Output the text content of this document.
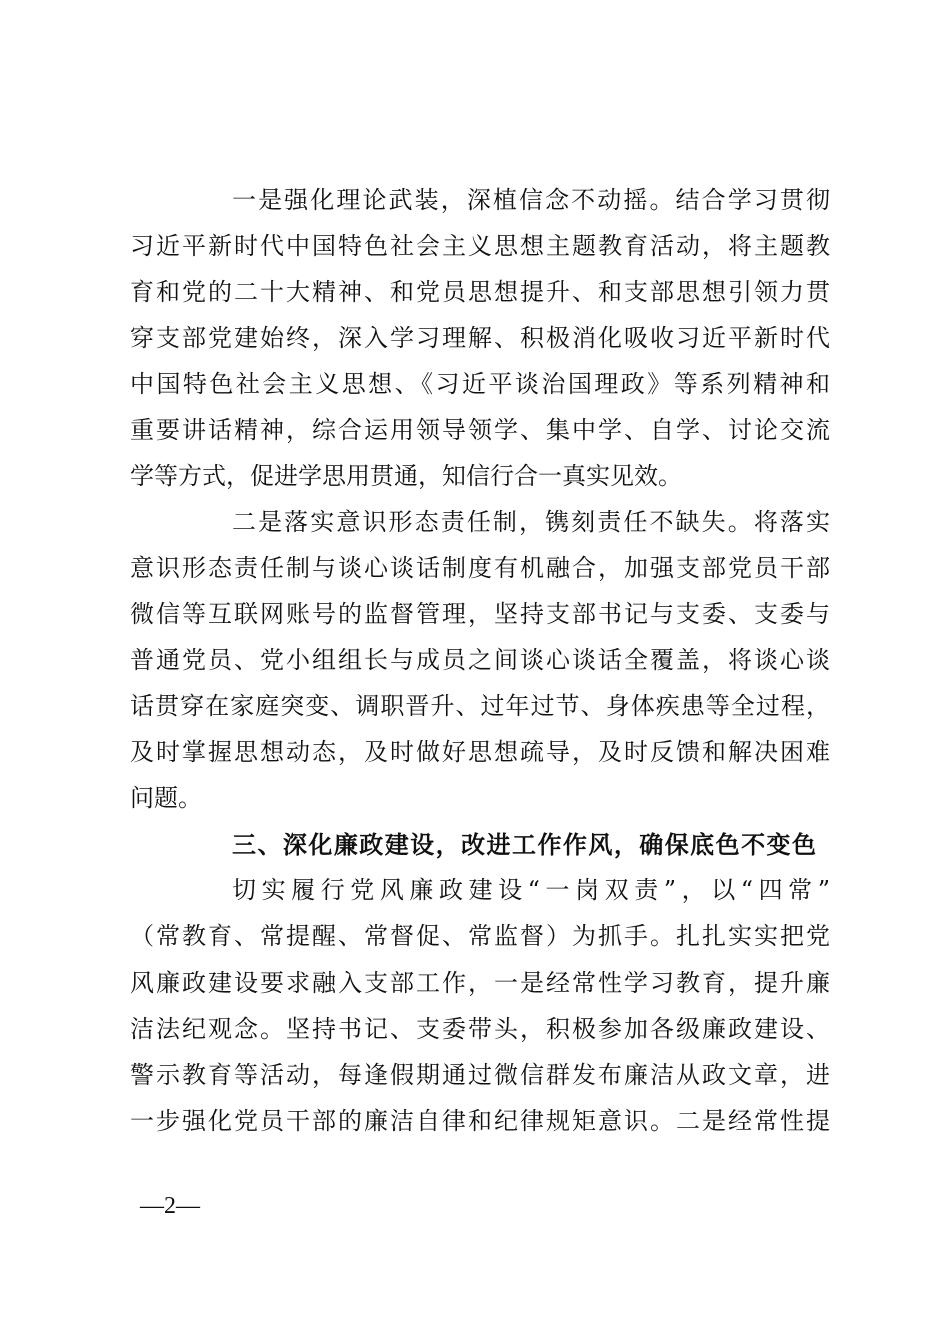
一是强化理论武装，深植信念不动摇。结合学习贯彻
习近平新时代中国特色社会主义思想主题教育活动，将主题教
育和党的二十大精神、和党员思想提升、和支部思想引领力贯
穿支部党建始终，深入学习理解、积极消化吸收习近平新时代
中国特色社会主义思想、《习近平谈治国理政》等系列精神和
重要讲话精神，综合运用领导领学、集中学、自学、讨论交流
学等方式，促进学思用贯通，知信行合一真实见效。
二是落实意识形态责任制，镌刻责任不缺失。将落实
意识形态责任制与谈心谈话制度有机融合，加强支部党员干部
微信等互联网账号的监督管理，坚持支部书记与支委、支委与
普通党员、党小组组长与成员之间谈心谈话全覆盖，将谈心谈
话贯穿在家庭突变、调职晋升、过年过节、身体疾患等全过程，
及时掌握思想动态，及时做好思想疏导，及时反馈和解决困难
问题。
三、深化廉政建设，改进工作作风，确保底色不变色
切实履行党风廉政建设“一岗双责”，以“四常”
（常教育、常提醒、常督促、常监督）为抓手。扎扎实实把党
风廉政建设要求融入支部工作，一是经常性学习教育，提升廉
洁法纪观念。坚持书记、支委带头，积极参加各级廉政建设、
警示教育等活动，每逢假期通过微信群发布廉洁从政文章，进
一步强化党员干部的廉洁自律和纪律规矩意识。二是经常性提
—2—
